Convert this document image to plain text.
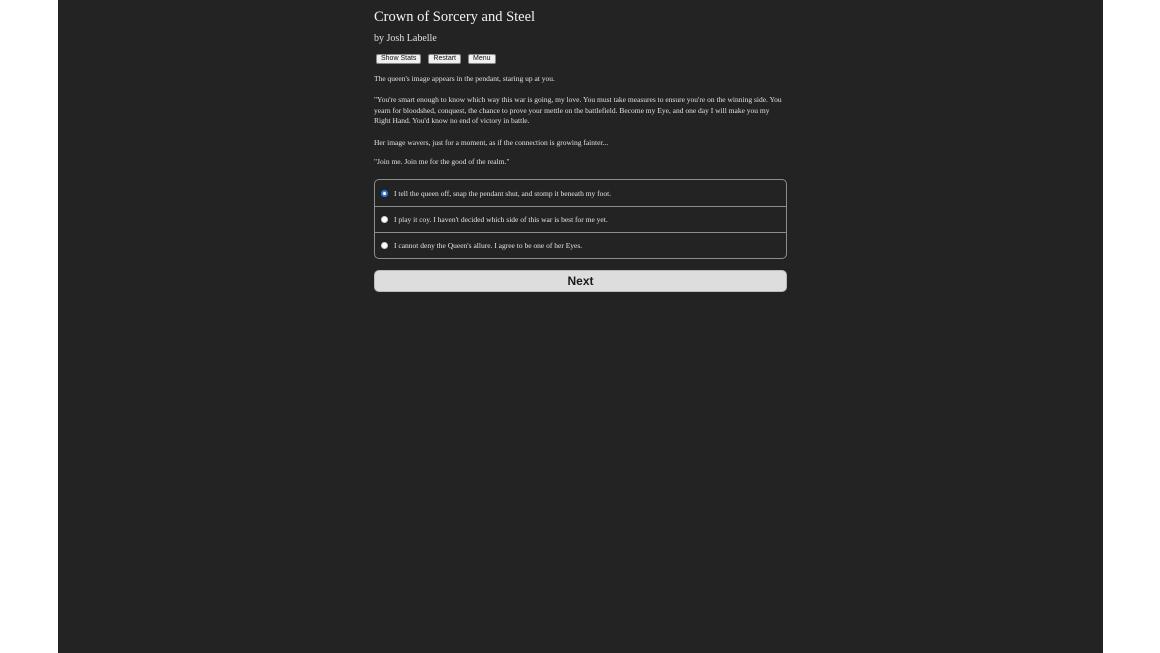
Crown of Sorcery and Steel

by Josh Labelle

Show Stats	Restart	Menu

The queen's image appears in the pendant, staring up at you.

"You're smart enough to know which way this war is going, my love. You must take measures to ensure you're on the winning side. You yearn for bloodshed, conquest, the chance to prove your mettle on the battlefield. Become my Eye, and one day I will make you my Right Hand. You'd know no end of victory in battle.

Her image wavers, just for a moment, as if the connection is growing fainter...

"Join me. Join me for the good of the realm."

I tell the queen off, snap the pendant shut, and stomp it beneath my foot.
I play it coy. I haven't decided which side of this war is best for me yet.
I cannot deny the Queen's allure. I agree to be one of her Eyes.
Next
